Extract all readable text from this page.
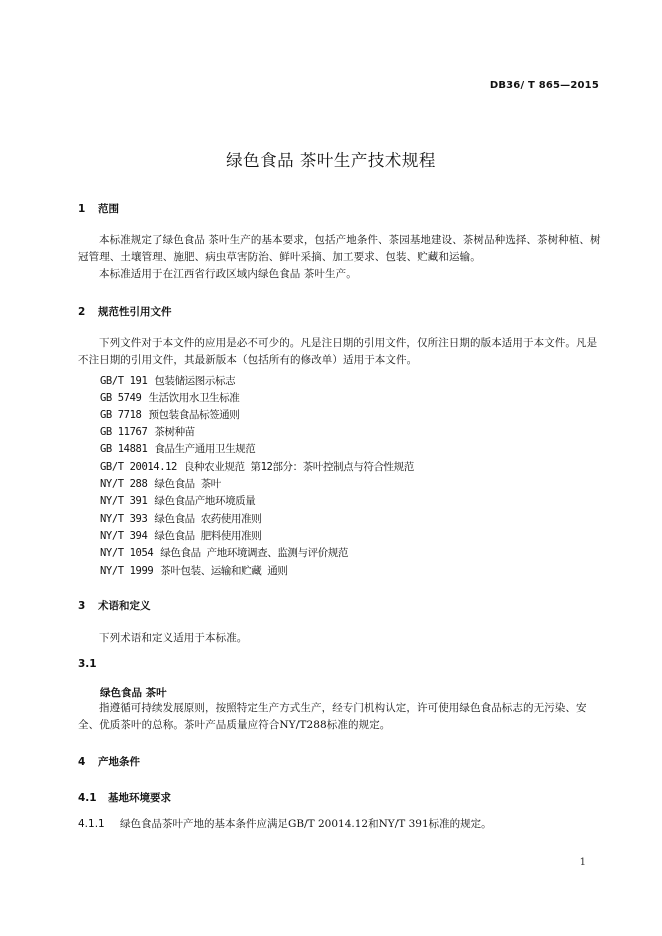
DB36/ T 865—2015
绿色食品 茶叶生产技术规程
1 范围
本标准规定了绿色食品 茶叶生产的基本要求，包括产地条件、茶园基地建设、茶树品种选择、茶树种植、树冠管理、土壤管理、施肥、病虫草害防治、鲜叶采摘、加工要求、包装、贮藏和运输。
本标准适用于在江西省行政区域内绿色食品 茶叶生产。
2 规范性引用文件
下列文件对于本文件的应用是必不可少的。凡是注日期的引用文件，仅所注日期的版本适用于本文件。凡是不注日期的引用文件，其最新版本（包括所有的修改单）适用于本文件。
GB/T 191 包装储运图示标志
GB 5749 生活饮用水卫生标准
GB 7718 预包装食品标签通则
GB 11767 茶树种苗
GB 14881 食品生产通用卫生规范
GB/T 20014.12 良种农业规范 第12部分：茶叶控制点与符合性规范
NY/T 288 绿色食品 茶叶
NY/T 391 绿色食品产地环境质量
NY/T 393 绿色食品 农药使用准则
NY/T 394 绿色食品 肥料使用准则
NY/T 1054 绿色食品 产地环境调查、监测与评价规范
NY/T 1999 茶叶包装、运输和贮藏 通则
3 术语和定义
下列术语和定义适用于本标准。
3.1
绿色食品 茶叶
指遵循可持续发展原则，按照特定生产方式生产，经专门机构认定，许可使用绿色食品标志的无污染、安全、优质茶叶的总称。茶叶产品质量应符合NY/T288标准的规定。
4 产地条件
4.1 基地环境要求
4.1.1 绿色食品茶叶产地的基本条件应满足GB/T 20014.12和NY/T 391标准的规定。
1
